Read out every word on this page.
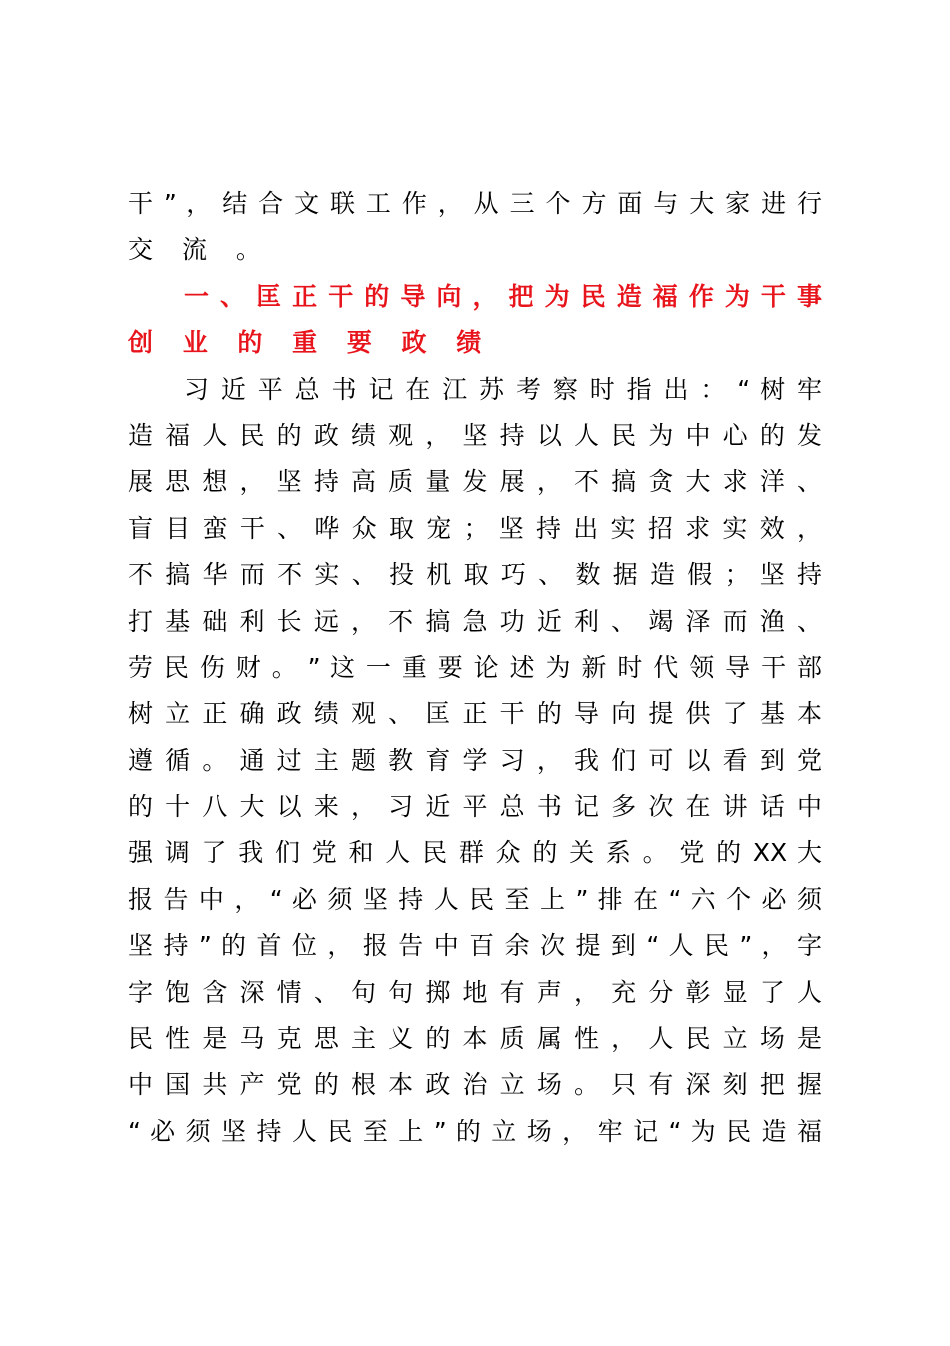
干 ” ， 结 合 文 联 工 作 ， 从 三 个 方 面 与 大 家 进 行
交 流 。
一 、 匡 正 干 的 导 向 ， 把 为 民 造 福 作 为 干 事
创 业 的 重 要 政 绩
习 近 平 总 书 记 在 江 苏 考 察 时 指 出 ： “ 树 牢
造 福 人 民 的 政 绩 观 ， 坚 持 以 人 民 为 中 心 的 发
展 思 想 ， 坚 持 高 质 量 发 展 ， 不 搞 贪 大 求 洋 、
盲 目 蛮 干 、 哗 众 取 宠 ； 坚 持 出 实 招 求 实 效 ，
不 搞 华 而 不 实 、 投 机 取 巧 、 数 据 造 假 ； 坚 持
打 基 础 利 长 远 ， 不 搞 急 功 近 利 、 竭 泽 而 渔 、
劳 民 伤 财 。 ” 这 一 重 要 论 述 为 新 时 代 领 导 干 部
树 立 正 确 政 绩 观 、 匡 正 干 的 导 向 提 供 了 基 本
遵 循 。 通 过 主 题 教 育 学 习 ， 我 们 可 以 看 到 党
的 十 八 大 以 来 ， 习 近 平 总 书 记 多 次 在 讲 话 中
强 调 了 我 们 党 和 人 民 群 众 的 关 系 。 党 的 XX 大
报 告 中 ， “ 必 须 坚 持 人 民 至 上 ” 排 在 “ 六 个 必 须
坚 持 ” 的 首 位 ， 报 告 中 百 余 次 提 到 “ 人 民 ” ， 字
字 饱 含 深 情 、 句 句 掷 地 有 声 ， 充 分 彰 显 了 人
民 性 是 马 克 思 主 义 的 本 质 属 性 ， 人 民 立 场 是
中 国 共 产 党 的 根 本 政 治 立 场 。 只 有 深 刻 把 握
“ 必 须 坚 持 人 民 至 上 ” 的 立 场 ， 牢 记 “ 为 民 造 福
